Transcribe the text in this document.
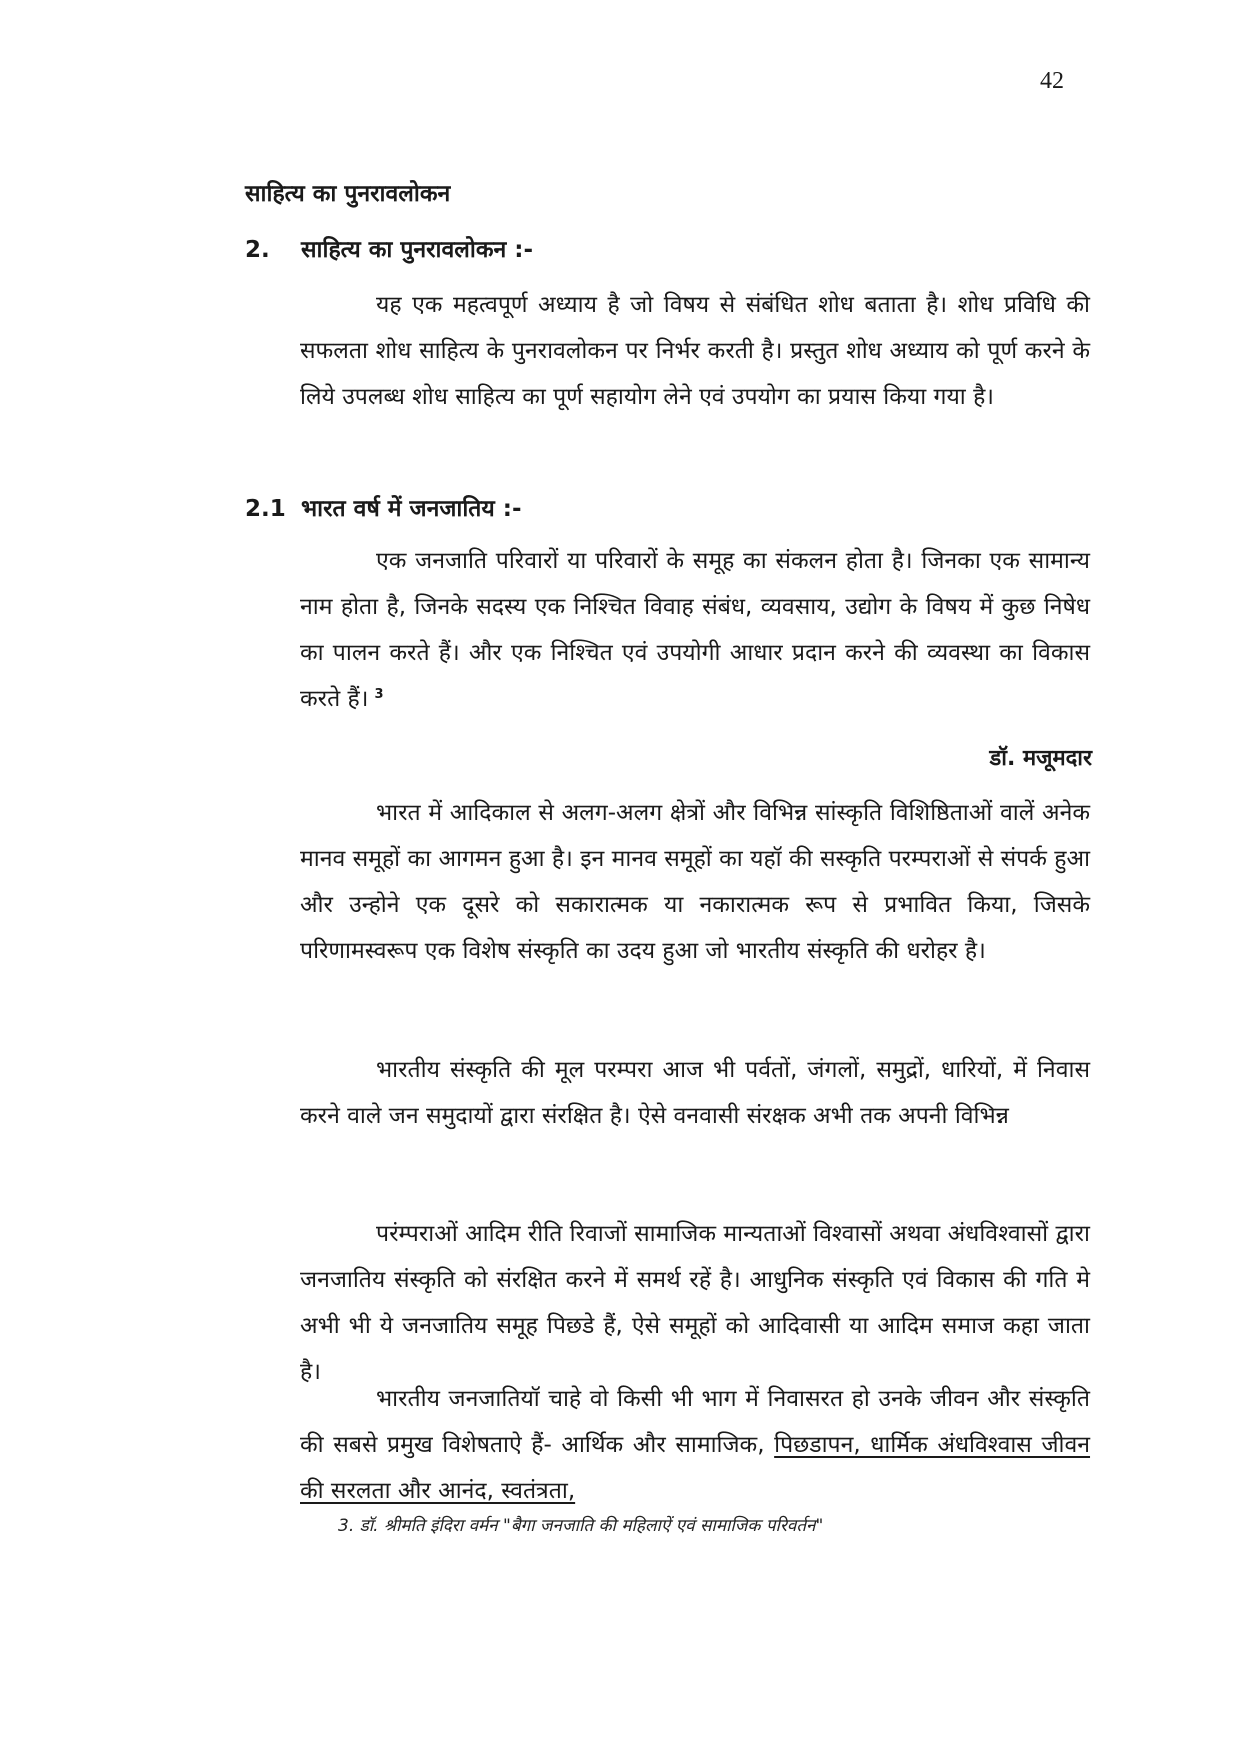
42
साहित्य का पुनरावलोकन
2. साहित्य का पुनरावलोकन :-
यह एक महत्वपूर्ण अध्याय है जो विषय से संबंधित शोध बताता है। शोध प्रविधि की सफलता शोध साहित्य के पुनरावलोकन पर निर्भर करती है। प्रस्तुत शोध अध्याय को पूर्ण करने के लिये उपलब्ध शोध साहित्य का पूर्ण सहायोग लेने एवं उपयोग का प्रयास किया गया है।
2.1 भारत वर्ष में जनजातिय :-
एक जनजाति परिवारों या परिवारों के समूह का संकलन होता है। जिनका एक सामान्य नाम होता है, जिनके सदस्य एक निश्चित विवाह संबंध, व्यवसाय, उद्योग के विषय में कुछ निषेध का पालन करते हैं। और एक निश्चित एवं उपयोगी आधार प्रदान करने की व्यवस्था का विकास करते हैं। $^3$
डॉ. मजूमदार
भारत में आदिकाल से अलग-अलग क्षेत्रों और विभिन्न सांस्कृति विशिष्ठिताओं वालें अनेक मानव समूहों का आगमन हुआ है। इन मानव समूहों का यहॉ की सस्कृति परम्पराओं से संपर्क हुआ और उन्होने एक दूसरे को सकारात्मक या नकारात्मक रूप से प्रभावित किया, जिसके परिणामस्वरूप एक विशेष संस्कृति का उदय हुआ जो भारतीय संस्कृति की धरोहर है।
भारतीय संस्कृति की मूल परम्परा आज भी पर्वतों, जंगलों, समुद्रों, धारियों, में निवास करने वाले जन समुदायों द्वारा संरक्षित है। ऐसे वनवासी संरक्षक अभी तक अपनी विभिन्न
परंम्पराओं आदिम रीति रिवाजों सामाजिक मान्यताओं विश्वासों अथवा अंधविश्वासों द्वारा जनजातिय संस्कृति को संरक्षित करने में समर्थ रहें है। आधुनिक संस्कृति एवं विकास की गति मे अभी भी ये जनजातिय समूह पिछडे हैं, ऐसे समूहों को आदिवासी या आदिम समाज कहा जाता है।
भारतीय जनजातियॉ चाहे वो किसी भी भाग में निवासरत हो उनके जीवन और संस्कृति की सबसे प्रमुख विशेषताऐ हैं- आर्थिक और सामाजिक, पिछडापन, धार्मिक अंधविश्वास जीवन की सरलता और आनंद, स्वतंत्रता,
3. डॉ. श्रीमति इंदिरा वर्मन "बैगा जनजाति की महिलाऐं एवं सामाजिक परिवर्तन"
